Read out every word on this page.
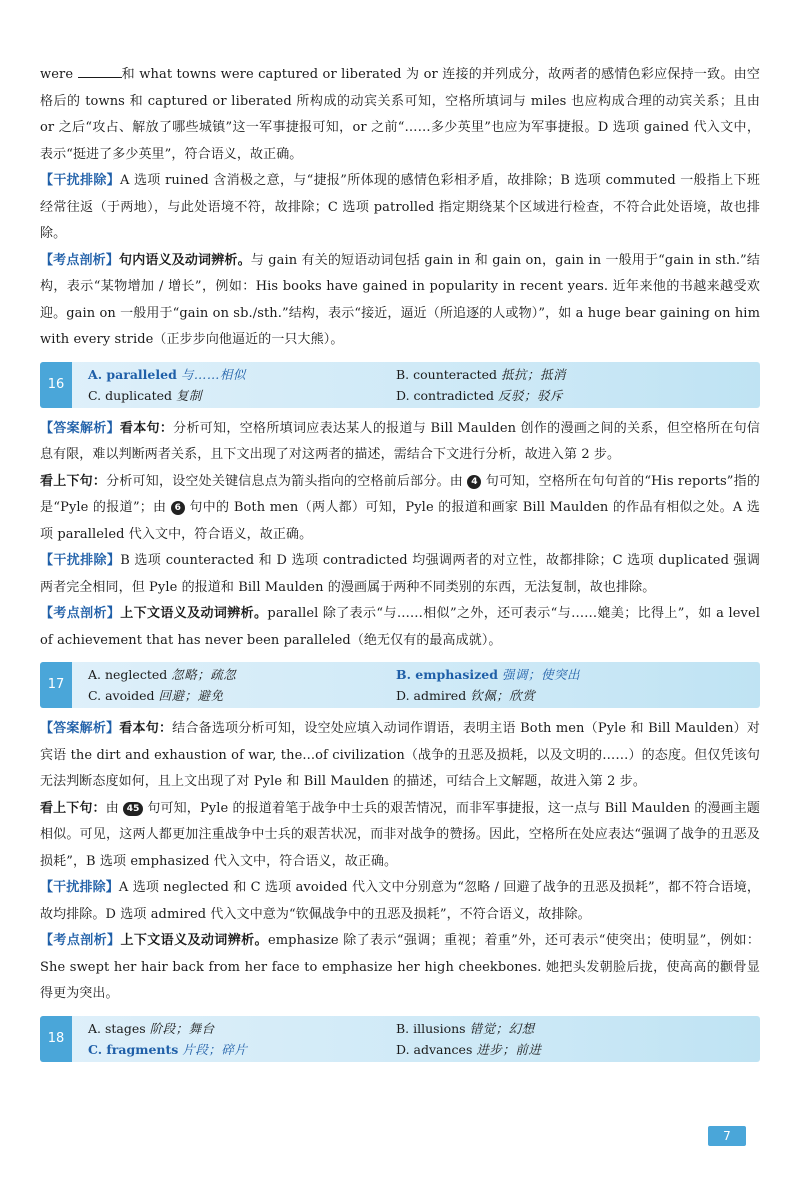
were	和 what towns were captured or liberated 为 or 连接的并列成分，故两者的感情色彩应保持一致。由空格后的 towns 和 captured or liberated 所构成的动宾关系可知，空格所填词与 miles 也应构成合理的动宾关系；且由 or 之后“攻占、解放了哪些城镇”这一军事捷报可知，or 之前“……多少英里”也应为军事捷报。D 选项 gained 代入文中，表示“挺进了多少英里”，符合语义，故正确。

【干扰排除】A 选项 ruined 含消极之意，与“捷报”所体现的感情色彩相矛盾，故排除；B 选项 commuted 一般指上下班经常往返（于两地），与此处语境不符，故排除；C 选项 patrolled 指定期绕某个区域进行检查，不符合此处语境，故也排除。

【考点剖析】句内语义及动词辨析。与 gain 有关的短语动词包括 gain in 和 gain on，gain in 一般用于“gain in sth.”结构，表示“某物增加 / 增长”，例如：His books have gained in popularity in recent years. 近年来他的书越来越受欢迎。gain on 一般用于“gain on sb./sth.”结构，表示“接近，逼近（所追逐的人或物）”，如 a huge bear gaining on him with every stride（正步步向他逼近的一只大熊）。

16
A. paralleled 与……相似	B. counteracted 抵抗；抵消
C. duplicated 复制	D. contradicted 反驳；驳斥

【答案解析】看本句：分析可知，空格所填词应表达某人的报道与 Bill Maulden 创作的漫画之间的关系，但空格所在句信息有限，难以判断两者关系，且下文出现了对这两者的描述，需结合下文进行分析，故进入第 2 步。

看上下句：分析可知，设空处关键信息点为箭头指向的空格前后部分。由 4 句可知，空格所在句句首的“His reports”指的是“Pyle 的报道”；由 6 句中的 Both men（两人都）可知，Pyle 的报道和画家 Bill Maulden 的作品有相似之处。A 选项 paralleled 代入文中，符合语义，故正确。

【干扰排除】B 选项 counteracted 和 D 选项 contradicted 均强调两者的对立性，故都排除；C 选项 duplicated 强调两者完全相同，但 Pyle 的报道和 Bill Maulden 的漫画属于两种不同类别的东西，无法复制，故也排除。

【考点剖析】上下文语义及动词辨析。parallel 除了表示“与……相似”之外，还可表示“与……媲美；比得上”，如 a level of achievement that has never been paralleled（绝无仅有的最高成就）。

17
A. neglected 忽略；疏忽	B. emphasized 强调；使突出
C. avoided 回避；避免	D. admired 钦佩；欣赏

【答案解析】看本句：结合备选项分析可知，设空处应填入动词作谓语，表明主语 Both men（Pyle 和 Bill Maulden）对宾语 the dirt and exhaustion of war, the...of civilization（战争的丑恶及损耗，以及文明的……）的态度。但仅凭该句无法判断态度如何，且上文出现了对 Pyle 和 Bill Maulden 的描述，可结合上文解题，故进入第 2 步。

看上下句：由 45 句可知，Pyle 的报道着笔于战争中士兵的艰苦情况，而非军事捷报，这一点与 Bill Maulden 的漫画主题相似。可见，这两人都更加注重战争中士兵的艰苦状况，而非对战争的赞扬。因此，空格所在处应表达“强调了战争的丑恶及损耗”，B 选项 emphasized 代入文中，符合语义，故正确。

【干扰排除】A 选项 neglected 和 C 选项 avoided 代入文中分别意为“忽略 / 回避了战争的丑恶及损耗”，都不符合语境，故均排除。D 选项 admired 代入文中意为“钦佩战争中的丑恶及损耗”，不符合语义，故排除。

【考点剖析】上下文语义及动词辨析。emphasize 除了表示“强调；重视；着重”外，还可表示“使突出；使明显”，例如：She swept her hair back from her face to emphasize her high cheekbones. 她把头发朝脸后拢，使高高的颧骨显得更为突出。

18
A. stages 阶段；舞台	B. illusions 错觉；幻想
C. fragments 片段；碎片	D. advances 进步；前进
7
